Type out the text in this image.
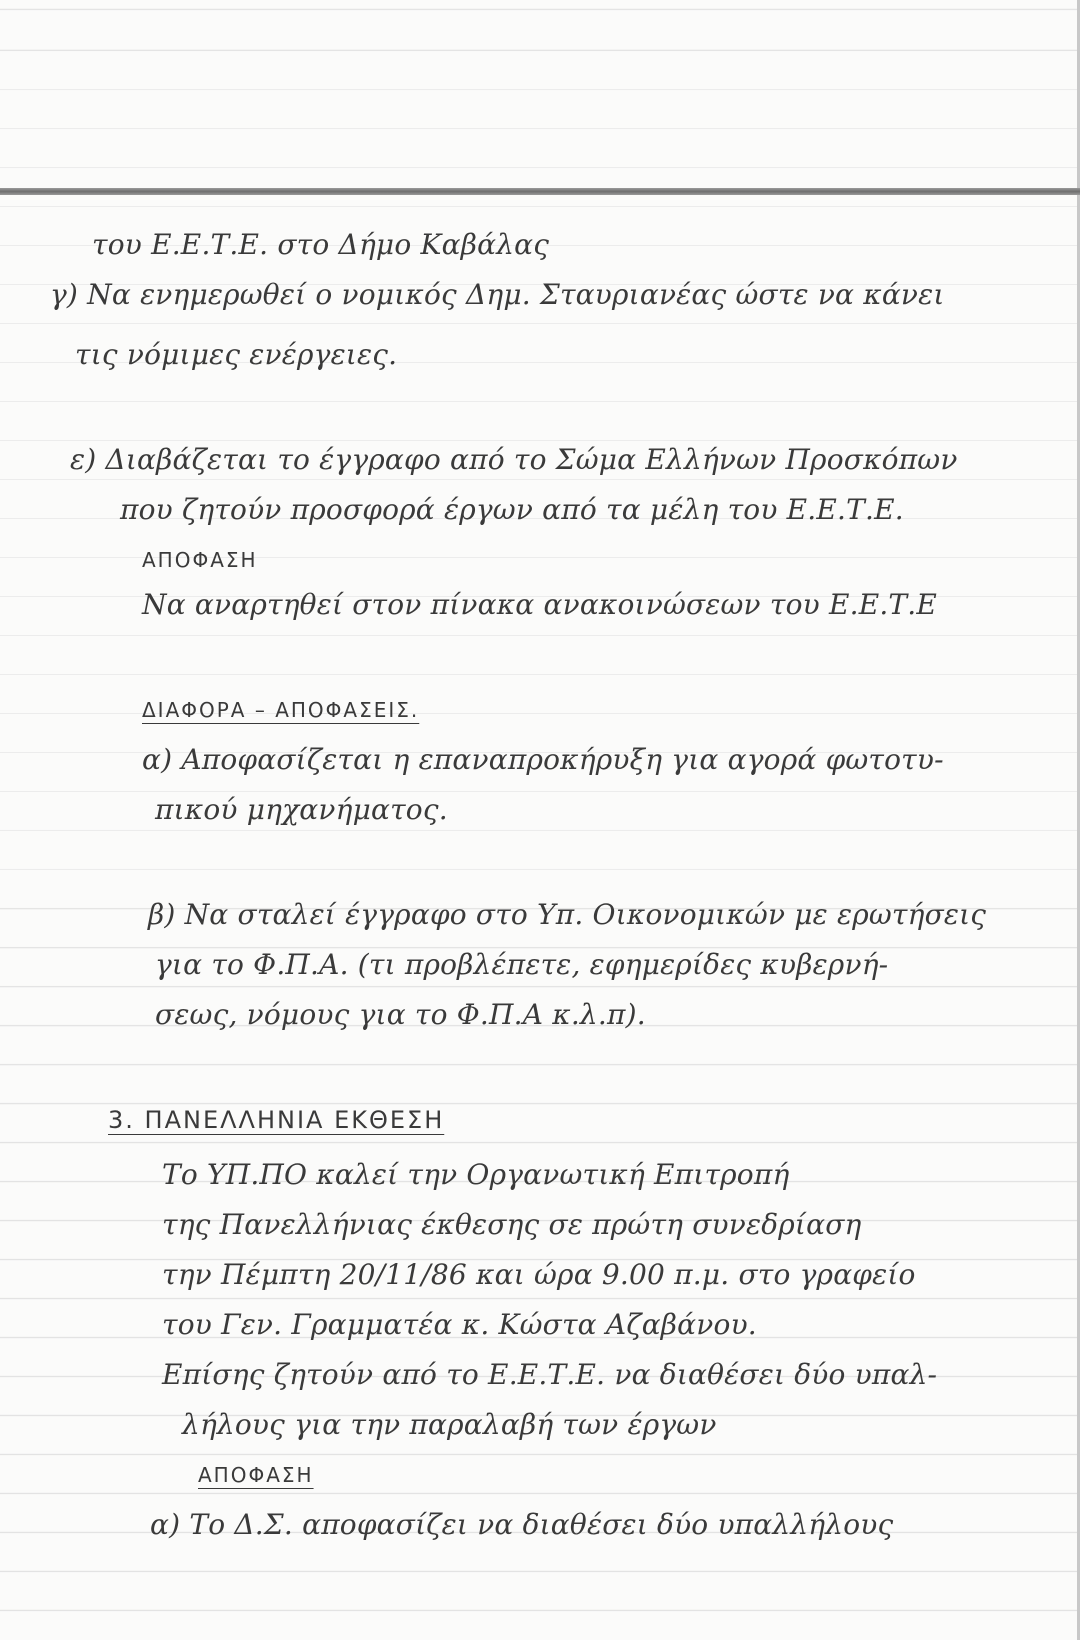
του Ε.Ε.Τ.Ε. στο Δήμο Καβάλας
γ) Να ενημερωθεί ο νομικός Δημ. Σταυριανέας ώστε να κάνει
τις νόμιμες ενέργειες.
ε) Διαβάζεται το έγγραφο από το Σώμα Ελλήνων Προσκόπων
που ζητούν προσφορά έργων από τα μέλη του Ε.Ε.Τ.Ε.
ΑΠΟΦΑΣΗ
Να αναρτηθεί στον πίνακα ανακοινώσεων του Ε.Ε.Τ.Ε
ΔΙΑΦΟΡΑ – ΑΠΟΦΑΣΕΙΣ.
α) Αποφασίζεται η επαναπροκήρυξη για αγορά φωτοτυ-
πικού μηχανήματος.
β) Να σταλεί έγγραφο στο Υπ. Οικονομικών με ερωτήσεις
για το Φ.Π.Α. (τι προβλέπετε, εφημερίδες κυβερνή-
σεως, νόμους για το Φ.Π.Α κ.λ.π).
3. ΠΑΝΕΛΛΗΝΙΑ ΕΚΘΕΣΗ
Το ΥΠ.ΠΟ καλεί την Οργανωτική Επιτροπή
της Πανελλήνιας έκθεσης σε πρώτη συνεδρίαση
την Πέμπτη 20/11/86 και ώρα 9.00 π.μ. στο γραφείο
του Γεν. Γραμματέα κ. Κώστα Αζαβάνου.
Επίσης ζητούν από το Ε.Ε.Τ.Ε. να διαθέσει δύο υπαλ-
λήλους για την παραλαβή των έργων
ΑΠΟΦΑΣΗ
α) Το Δ.Σ. αποφασίζει να διαθέσει δύο υπαλλήλους
